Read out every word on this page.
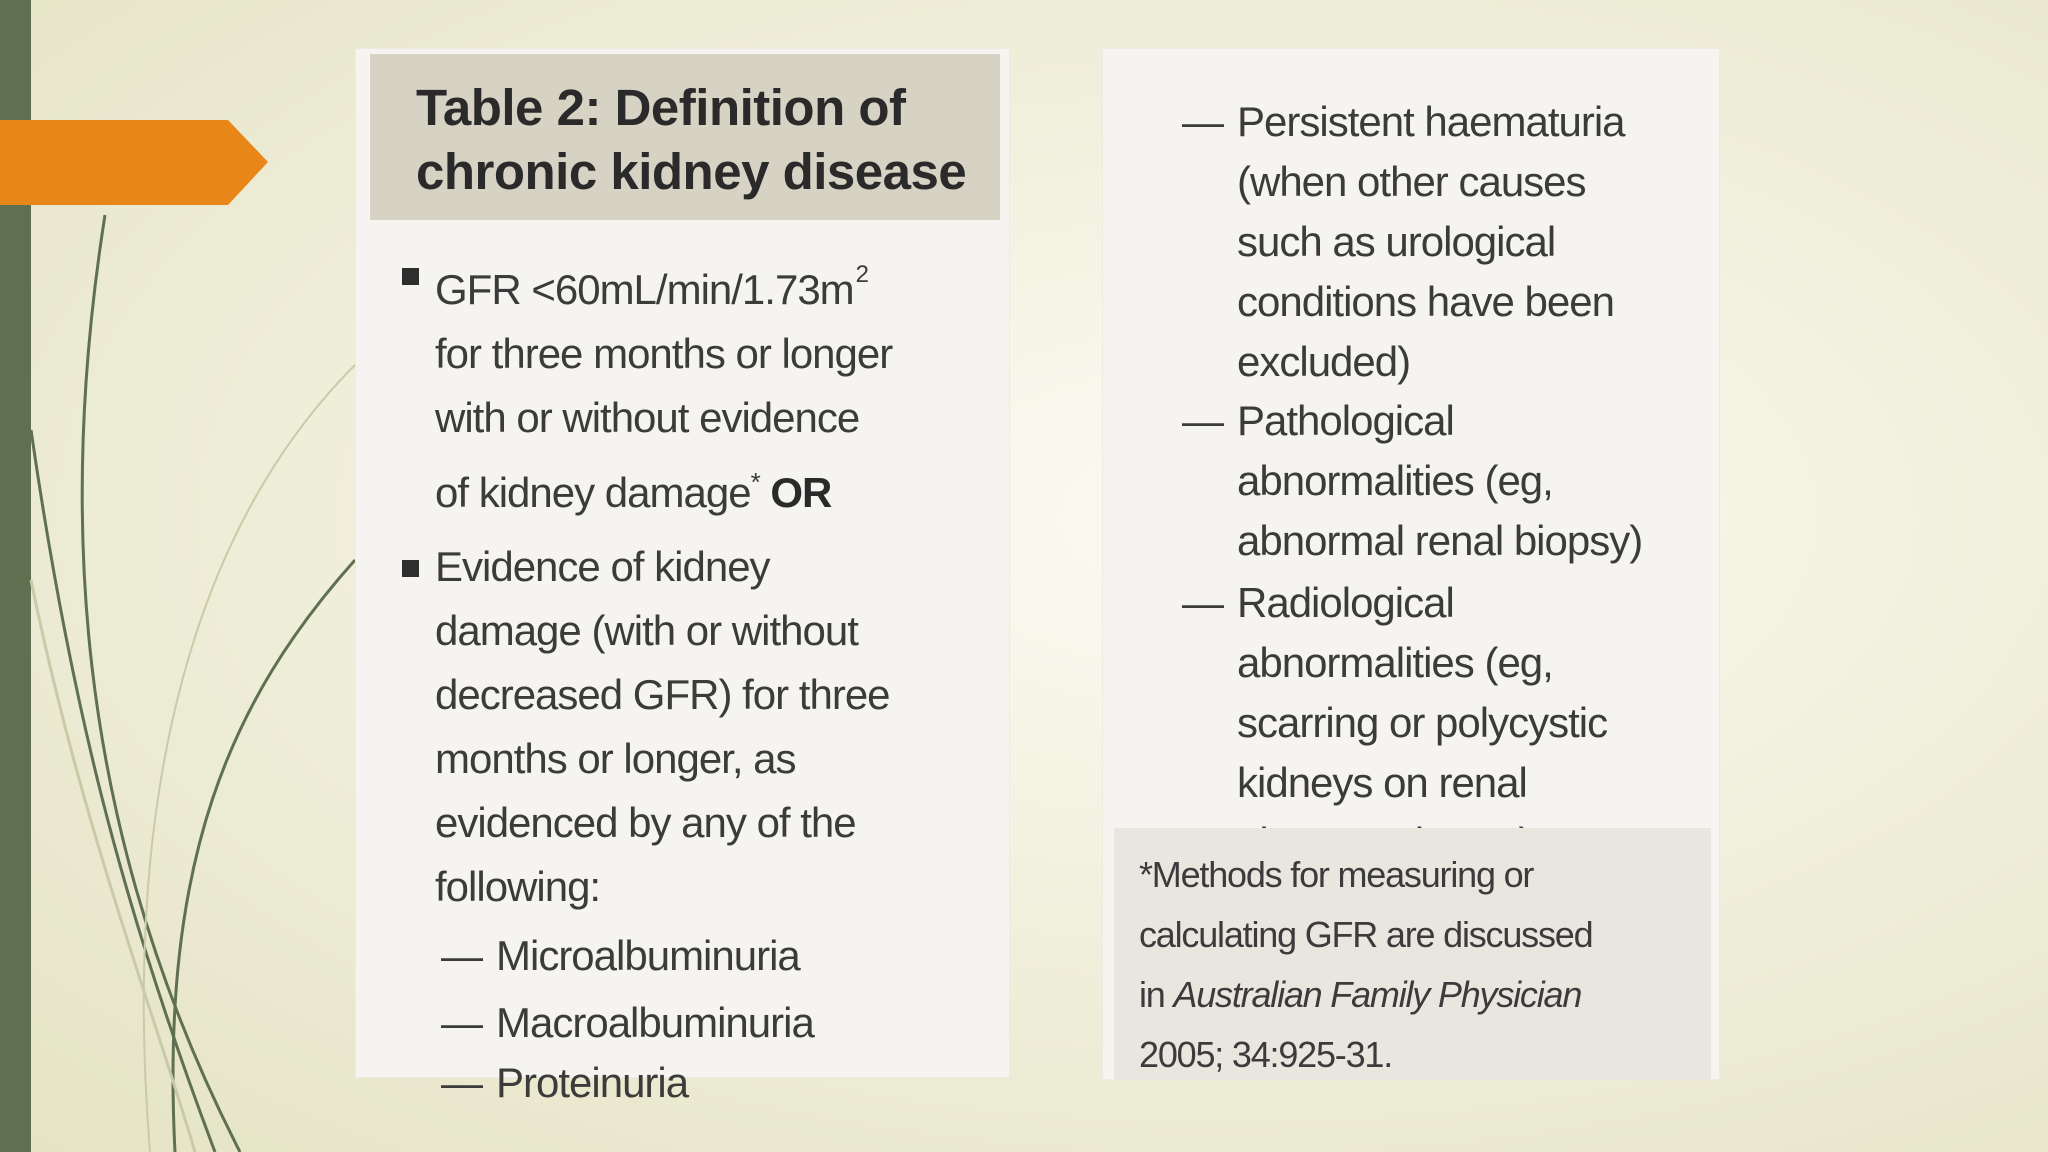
Table 2: Definition of
chronic kidney disease
GFR $<60mL/\min/1.73m^2$
for three months or longer
with or without evidence
of kidney damage* OR
Evidence of kidney
damage (with or without
decreased GFR) for three
months or longer, as
evidenced by any of the
following:
— Microalbuminuria
— Macroalbuminuria
— Proteinuria
— Persistent haematuria
(when other causes
such as urological
conditions have been
excluded)
— Pathological
abnormalities (eg,
abnormal renal biopsy)
— Radiological
abnormalities (eg,
scarring or polycystic
kidneys on renal

*Methods for measuring or
calculating GFR are discussed
in Australian Family Physician
2005; 34:925-31.
